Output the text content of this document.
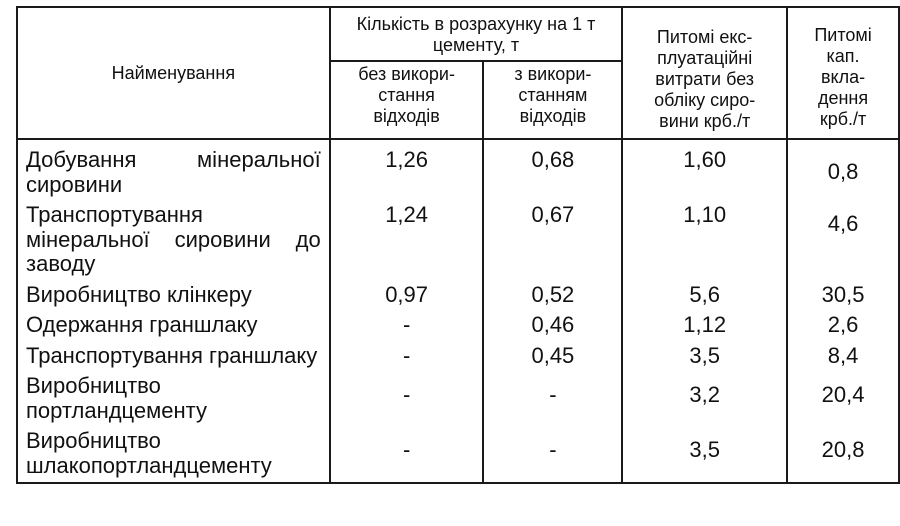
Найменування	Кількість в розрахунку на 1 т цементу, т		Питомі екс-плуатаційні витрати без обліку сиро-вини крб./т	Питомі кап. вкла-дення крб./т
	без викори-стання відходів	з викори-станням відходів		
Добування мінеральної сировини	1,26	0,68	1,60	0,8
Транспортування мінеральної сировини до заводу	1,24	0,67	1,10	4,6
Виробництво клінкеру	0,97	0,52	5,6	30,5
Одержання граншлаку	-	0,46	1,12	2,6
Транспортування граншлаку	-	0,45	3,5	8,4
Виробництво портландцементу	-	-	3,2	20,4
Виробництво шлакопортландцементу	-	-	3,5	20,8
